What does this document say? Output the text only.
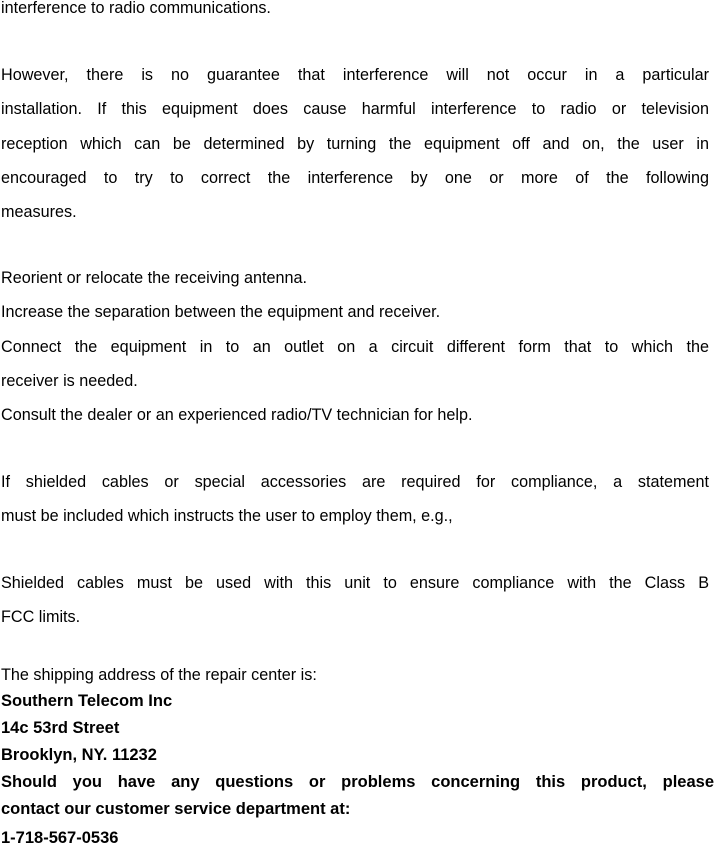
interference to radio communications.
However, there is no guarantee that interference will not occur in a particular
installation. If this equipment does cause harmful interference to radio or television
reception which can be determined by turning the equipment off and on, the user in
encouraged to try to correct the interference by one or more of the following
measures.
Reorient or relocate the receiving antenna.
Increase the separation between the equipment and receiver.
Connect the equipment in to an outlet on a circuit different form that to which the
receiver is needed.
Consult the dealer or an experienced radio/TV technician for help.
If shielded cables or special accessories are required for compliance, a statement
must be included which instructs the user to employ them, e.g.,
Shielded cables must be used with this unit to ensure compliance with the Class B
FCC limits.
The shipping address of the repair center is:
Southern Telecom Inc
14c 53rd Street
Brooklyn, NY. 11232
Should you have any questions or problems concerning this product, please
contact our customer service department at:
1-718-567-0536
